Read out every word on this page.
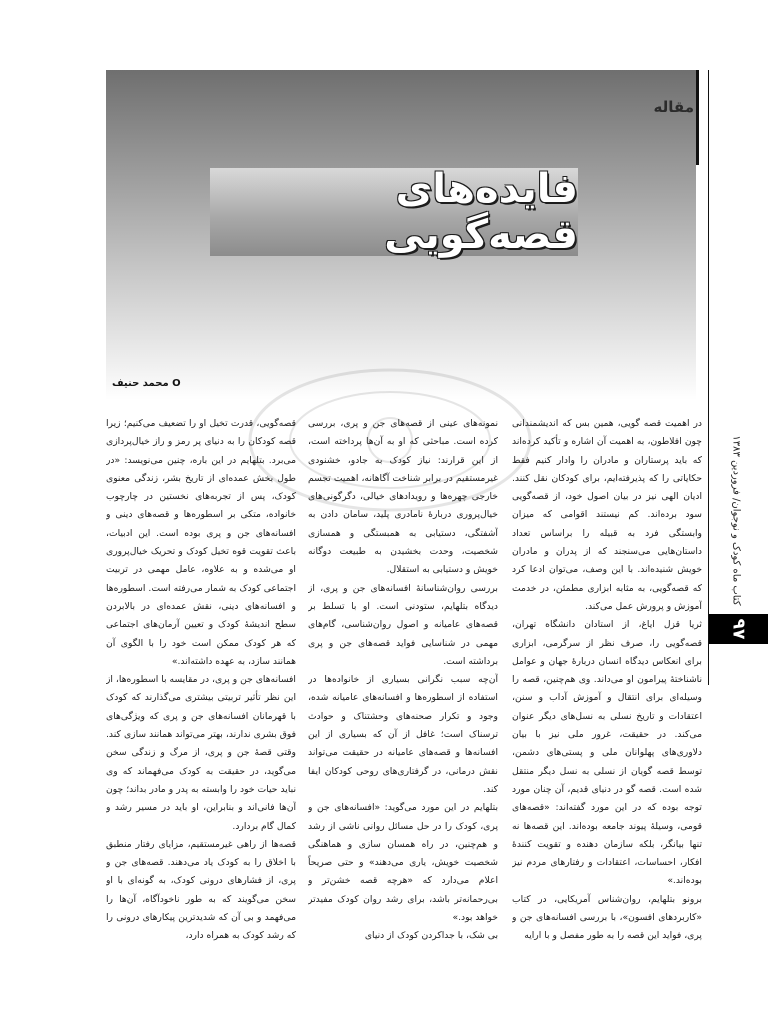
مقاله
فایده‌های قصه‌گویی
O محمد حنیف
کتاب ماه کودک و نوجوان/ فروردین ۱۳۸۳
۹۷

در اهمیت قصه گویی، همین بس که اندیشمندانی چون افلاطون، به اهمیت آن اشاره و تأکید کرده‌اند که باید پرستاران و مادران را وادار کنیم فقط حکایاتی را که پذیرفته‌ایم، برای کودکان نقل کنند. ادیان الهی نیز در بیان اصول خود، از قصه‌گویی سود برده‌اند. کم نیستند اقوامی که میزان وابستگی فرد به قبیله را براساس تعداد داستان‌هایی می‌سنجند که از پدران و مادران خویش شنیده‌اند. با این وصف، می‌توان ادعا کرد که قصه‌گویی، به مثابه ابزاری مطمئن، در خدمت آموزش و پرورش عمل می‌کند.

ثریا قزل ایاغ، از استادان دانشگاه تهران، قصه‌گویی را، صرف نظر از سرگرمی، ابزاری برای انعکاس دیدگاه انسان دربارهٔ جهان و عوامل ناشناختهٔ پیرامون او می‌داند. وی هم‌چنین، قصه را وسیله‌ای برای انتقال و آموزش آداب و سنن، اعتقادات و تاریخ نسلی به نسل‌های دیگر عنوان می‌کند. در حقیقت، غرور ملی نیز با بیان دلاوری‌های پهلوانان ملی و پستی‌های دشمن، توسط قصه گویان از نسلی به نسل دیگر منتقل شده است. قصه گو در دنیای قدیم، آن چنان مورد توجه بوده که در این مورد گفته‌اند: «قصه‌های قومی، وسیلهٔ پیوند جامعه بوده‌اند. این قصه‌ها نه تنها بیانگر، بلکه سازمان دهنده و تقویت کنندهٔ افکار، احساسات، اعتقادات و رفتارهای مردم نیز بوده‌اند.»

برونو بتلهایم، روان‌شناس آمریکایی، در کتاب «کاربردهای افسون»، با بررسی افسانه‌های جن و پری، فواید این قصه را به طور مفصل و با ارایه

نمونه‌های عینی از قصه‌های جن و پری، بررسی کرده است. مباحثی که او به آن‌ها پرداخته است، از این قرارند: نیاز کودک به جادو، خشنودی غیرمستقیم در برابر شناخت آگاهانه، اهمیت تجسم خارجی چهره‌ها و رویدادهای خیالی، دگرگونی‌های خیال‌پروری دربارهٔ نامادری پلید، سامان دادن به آشفتگی، دستیابی به همبستگی و همسازی شخصیت، وحدت بخشیدن به طبیعت دوگانه خویش و دستیابی به استقلال.

بررسی روان‌شناسانهٔ افسانه‌های جن و پری، از دیدگاه بتلهایم، ستودنی است. او با تسلط بر قصه‌های عامیانه و اصول روان‌شناسی، گام‌های مهمی در شناسایی فواید قصه‌های جن و پری برداشته است.

آن‌چه سبب نگرانی بسیاری از خانواده‌ها در استفاده از اسطوره‌ها و افسانه‌های عامیانه شده، وجود و تکرار صحنه‌های وحشتناک و حوادث ترسناک است؛ غافل از آن که بسیاری از این افسانه‌ها و قصه‌های عامیانه در حقیقت می‌تواند نقش درمانی، در گرفتاری‌های روحی کودکان ایفا کند.

بتلهایم در این مورد می‌گوید: «افسانه‌های جن و پری، کودک را در حل مسائل روانی ناشی از رشد و هم‌چنین، در راه همسان سازی و هماهنگی شخصیت خویش، یاری می‌دهند» و حتی صریحاً اعلام می‌دارد که «هرچه قصه خشن‌تر و بی‌رحمانه‌تر باشد، برای رشد روان کودک مفیدتر خواهد بود.»

بی شک، با جداکردن کودک از دنیای

قصه‌گویی، قدرت تخیل او را تضعیف می‌کنیم؛ زیرا قصه کودکان را به دنیای پر رمز و راز خیال‌پردازی می‌برد. بتلهایم در این باره، چنین می‌نویسد: «در طول بخش عمده‌ای از تاریخ بشر، زندگی معنوی کودک، پس از تجربه‌های نخستین در چارچوب خانواده، متکی بر اسطوره‌ها و قصه‌های دینی و افسانه‌های جن و پری بوده است. این ادبیات، باعث تقویت قوه تخیل کودک و تحریک خیال‌پروری او می‌شده و به علاوه، عامل مهمی در تربیت اجتماعی کودک به شمار می‌رفته است. اسطوره‌ها و افسانه‌های دینی، نقش عمده‌ای در بالابردن سطح اندیشهٔ کودک و تعیین آرمان‌های اجتماعی که هر کودک ممکن است خود را با الگوی آن همانند سازد، به عهده داشته‌اند.»

افسانه‌های جن و پری، در مقایسه با اسطوره‌ها، از این نظر تأثیر تربیتی بیشتری می‌گذارند که کودک با قهرمانان افسانه‌های جن و پری که ویژگی‌های فوق بشری ندارند، بهتر می‌تواند همانند سازی کند. وقتی قصهٔ جن و پری، از مرگ و زندگی سخن می‌گوید، در حقیقت به کودک می‌فهماند که وی نباید حیات خود را وابسته به پدر و مادر بداند؛ چون آن‌ها فانی‌اند و بنابراین، او باید در مسیر رشد و کمال گام بردارد.

قصه‌ها از راهی غیرمستقیم، مزایای رفتار منطبق با اخلاق را به کودک یاد می‌دهند. قصه‌های جن و پری، از فشارهای درونی کودک، به گونه‌ای با او سخن می‌گویند که به طور ناخودآگاه، آن‌ها را می‌فهمد و بی آن که شدیدترین پیکارهای درونی را که رشد کودک به همراه دارد،
